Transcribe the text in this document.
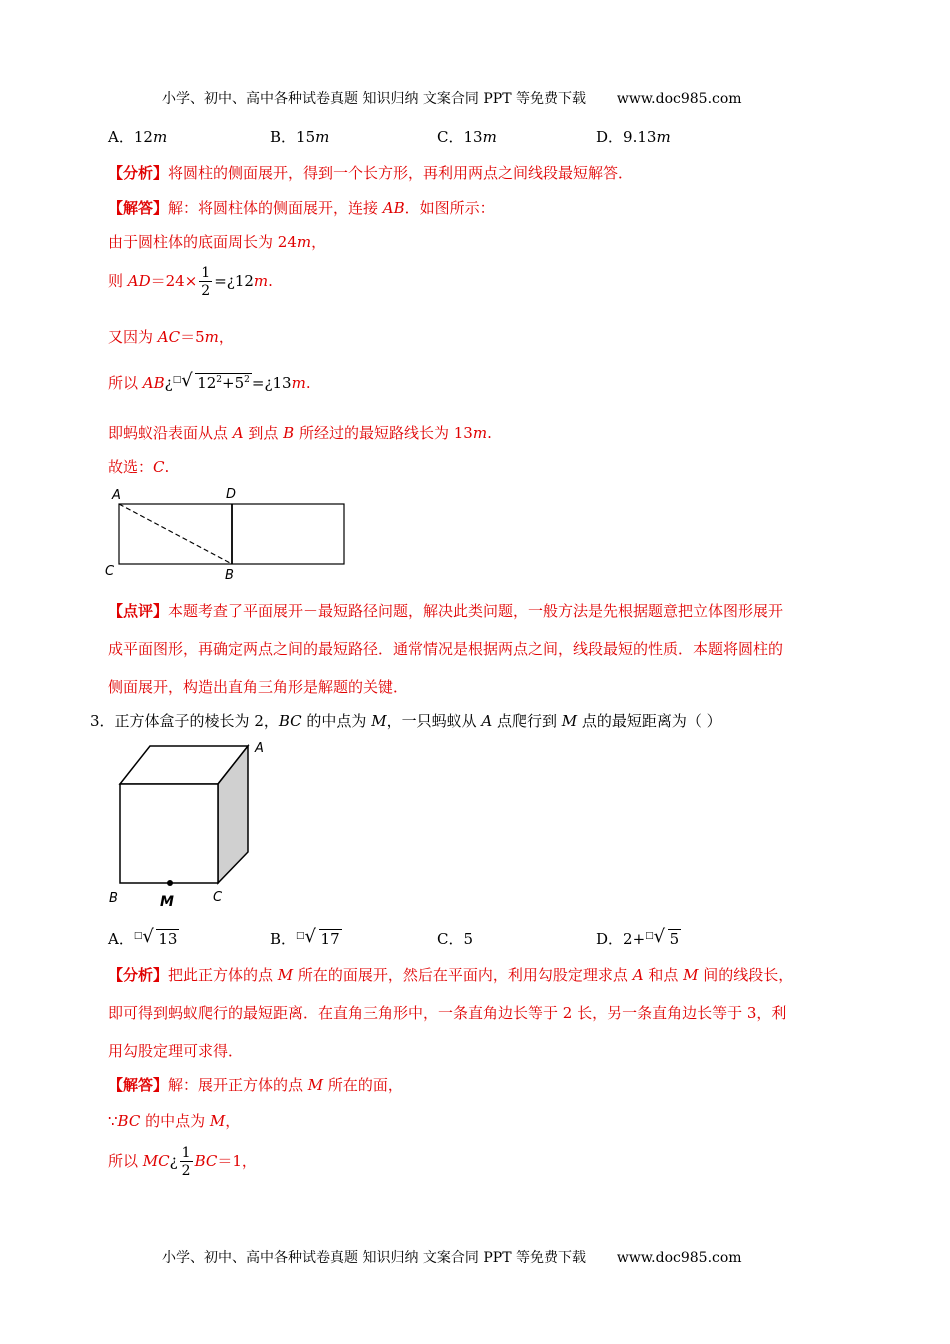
小学、初中、高中各种试卷真题 知识归纳 文案合同 PPT 等免费下载 www.doc985.com
A．12m	B．15m	C．13m	D．9.13m
【分析】将圆柱的侧面展开，得到一个长方形，再利用两点之间线段最短解答．
【解答】解：将圆柱体的侧面展开，连接 AB．如图所示：
由于圆柱体的底面周长为 24m，
则 $AD=24\times \frac{1}{2}$ =¿12m.
又因为 AC＝5m，
所以 AB¿□ √ $12^2+5^2$ =¿13m.
即蚂蚁沿表面从点 A 到点 B 所经过的最短路线长为 13m.
故选：C.
A	D
C	B
【点评】本题考查了平面展开－最短路径问题，解决此类问题，一般方法是先根据题意把立体图形展开
成平面图形，再确定两点之间的最短路径．通常情况是根据两点之间，线段最短的性质．本题将圆柱的
侧面展开，构造出直角三角形是解题的关键．
3．正方体盒子的棱长为 2，BC 的中点为 M，一只蚂蚁从 A 点爬行到 M 点的最短距离为（ ）
A
B	M	C
A．□ √ 13	B．□ √ 17	C．5	D．2+□ √ 5
【分析】把此正方体的点 M 所在的面展开，然后在平面内，利用勾股定理求点 A 和点 M 间的线段长，
即可得到蚂蚁爬行的最短距离．在直角三角形中，一条直角边长等于 2 长，另一条直角边长等于 3，利
用勾股定理可求得．
【解答】解：展开正方体的点 M 所在的面，
∵BC 的中点为 M，
所以 MC¿ $\frac{1}{2} BC=1$，
小学、初中、高中各种试卷真题 知识归纳 文案合同 PPT 等免费下载 www.doc985.com
